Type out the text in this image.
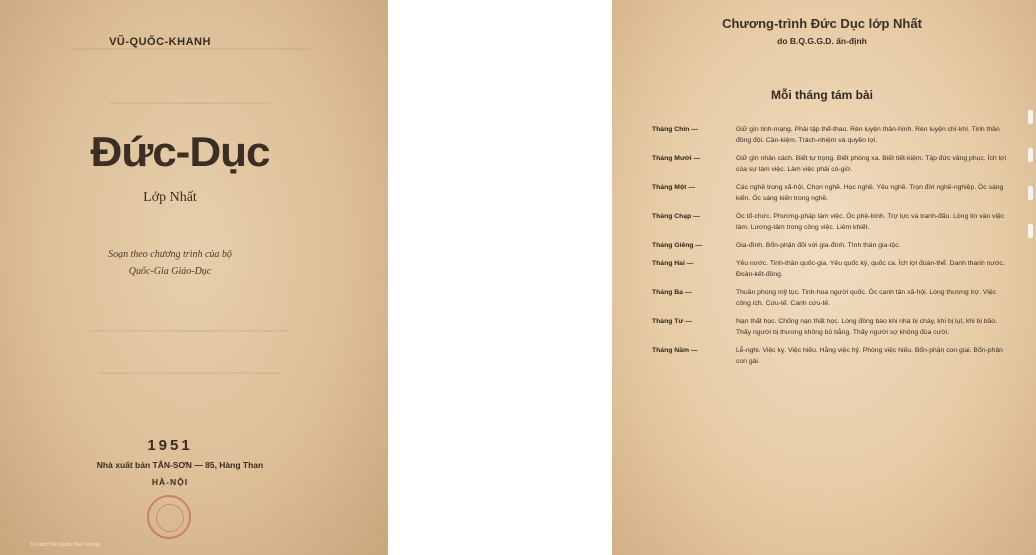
VŨ-QUỐC-KHANH
Đức-Dục
Lớp Nhất
Soạn theo chương trình của bộ
Quốc-Gia Giáo-Dục
1951
Nhà xuất bản TÂN-SƠN — 85, Hàng Than
HÀ-NỘI
Tủ sách Báo Quân Tòa Trường
Chương-trình Đức Dục lớp Nhất
do B.Q.G.G.D. ấn-định
Mỗi tháng tám bài
Tháng Chín —	Giữ gìn tinh-mạng. Phải tập thể-thao. Rèn luyện thân-hình. Rèn luyện chí-khí. Tinh thần đồng đội. Cần-kiệm. Trách-nhiệm và quyền lợi.
Tháng Mười —	Giữ gìn nhân cách. Biết tự trọng. Biết phòng xa. Biết tiết-kiệm. Tập đức vâng phục. Ích lợi của sự làm việc. Làm việc phải có-giờ.
Tháng Một —	Các nghề trong xã-hội. Chọn nghề. Học nghề. Yêu nghề. Trọn đời nghề-nghiệp. Óc sáng kiến. Óc sáng kiến trong nghề.
Tháng Chạp —	Óc tổ-chức. Phương-pháp làm việc. Óc phê-bình. Trợ lực và tranh-đấu. Lòng tin vào việc làm. Lương-tâm trong công việc. Liêm khiết.
Tháng Giêng —	Gia-đình. Bổn-phận đối với gia-đình. Tình thân gia-tộc.
Tháng Hai —	Yêu nước. Tinh-thần quốc-gia. Yêu quốc kỳ, quốc ca. Ích lợi đoàn-thể. Danh thanh nước. Đoàn-kết-đồng.
Tháng Ba —	Thuần phong mỹ tục. Tinh-hoa người quốc. Óc canh tân xã-hội. Lòng thương trợ. Việc công ích. Cứu-tế. Canh cứu-tế.
Tháng Tư —	Nạn thất học. Chống nạn thất học. Lòng đồng bào khi nhà bị cháy, khi bị lụt, khi bị bão. Thấy người bị thương không bỏ bằng. Thấy người sợ không đùa cười.
Tháng Năm —	Lễ-nghi. Việc kỵ. Việc hiếu. Hằng việc hỷ. Phòng việc hiếu. Bổn-phận con giai. Bổn-phận con gái.
